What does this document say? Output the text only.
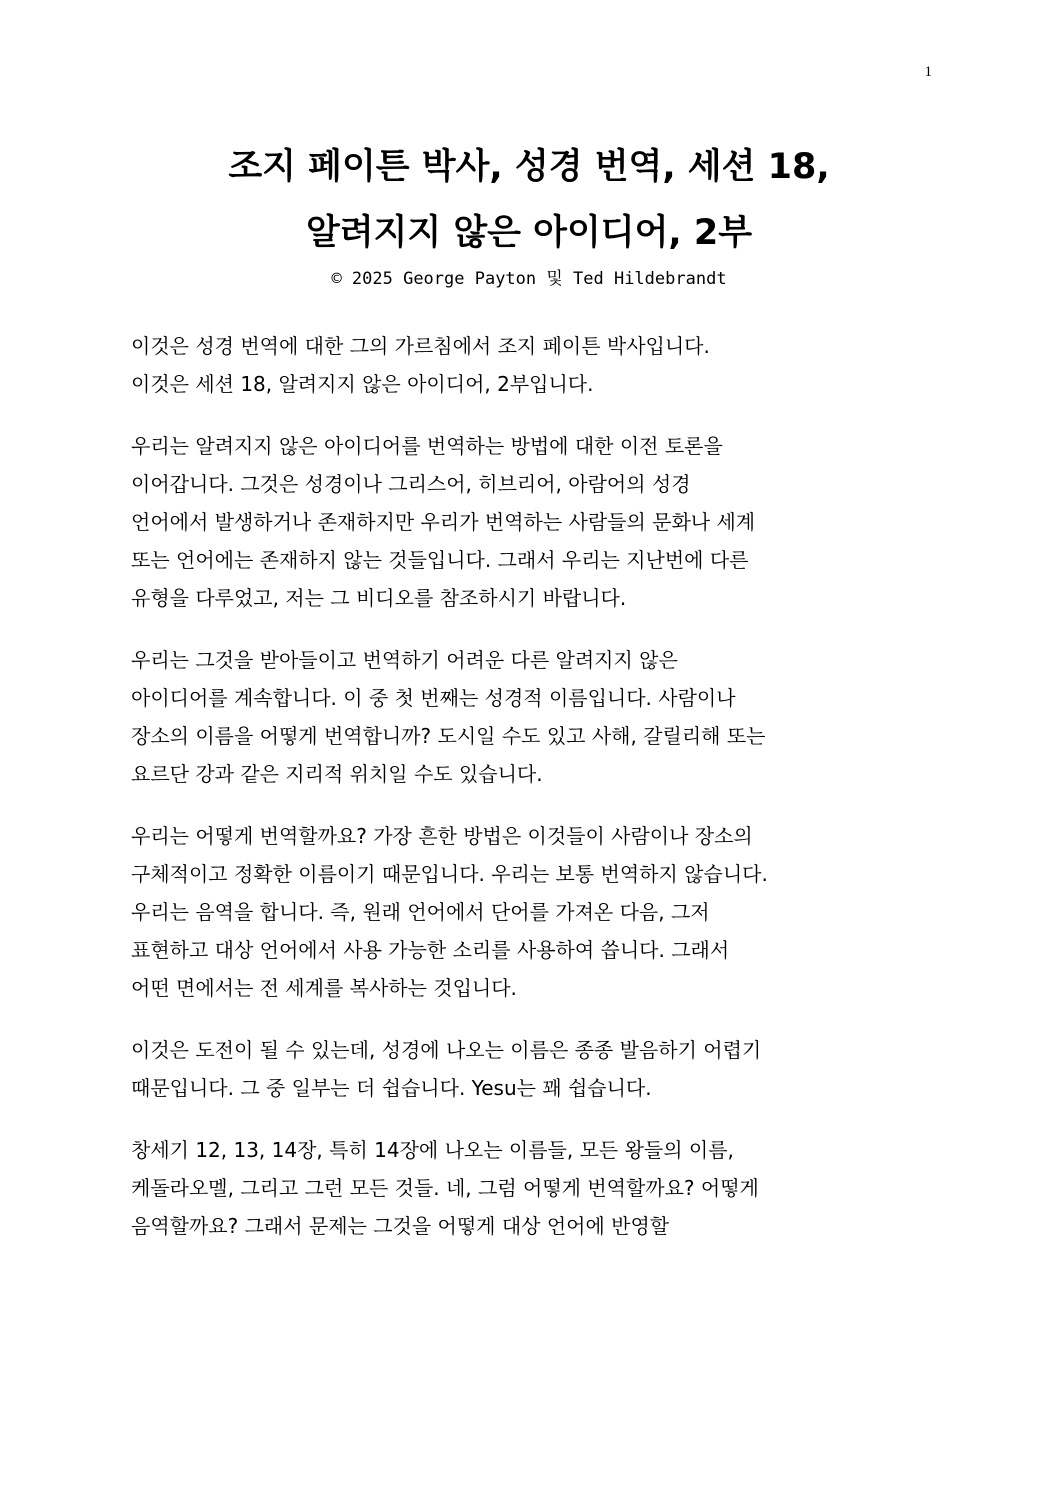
1
조지 페이튼 박사, 성경 번역, 세션 18,
알려지지 않은 아이디어, 2부
© 2025 George Payton 및 Ted Hildebrandt

이것은 성경 번역에 대한 그의 가르침에서 조지 페이튼 박사입니다.
이것은 세션 18, 알려지지 않은 아이디어, 2부입니다.

우리는 알려지지 않은 아이디어를 번역하는 방법에 대한 이전 토론을
이어갑니다. 그것은 성경이나 그리스어, 히브리어, 아람어의 성경
언어에서 발생하거나 존재하지만 우리가 번역하는 사람들의 문화나 세계
또는 언어에는 존재하지 않는 것들입니다. 그래서 우리는 지난번에 다른
유형을 다루었고, 저는 그 비디오를 참조하시기 바랍니다.

우리는 그것을 받아들이고 번역하기 어려운 다른 알려지지 않은
아이디어를 계속합니다. 이 중 첫 번째는 성경적 이름입니다. 사람이나
장소의 이름을 어떻게 번역합니까? 도시일 수도 있고 사해, 갈릴리해 또는
요르단 강과 같은 지리적 위치일 수도 있습니다.

우리는 어떻게 번역할까요? 가장 흔한 방법은 이것들이 사람이나 장소의
구체적이고 정확한 이름이기 때문입니다. 우리는 보통 번역하지 않습니다.
우리는 음역을 합니다. 즉, 원래 언어에서 단어를 가져온 다음, 그저
표현하고 대상 언어에서 사용 가능한 소리를 사용하여 씁니다. 그래서
어떤 면에서는 전 세계를 복사하는 것입니다.

이것은 도전이 될 수 있는데, 성경에 나오는 이름은 종종 발음하기 어렵기
때문입니다. 그 중 일부는 더 쉽습니다. Yesu는 꽤 쉽습니다.

창세기 12, 13, 14장, 특히 14장에 나오는 이름들, 모든 왕들의 이름,
케돌라오멜, 그리고 그런 모든 것들. 네, 그럼 어떻게 번역할까요? 어떻게
음역할까요? 그래서 문제는 그것을 어떻게 대상 언어에 반영할
